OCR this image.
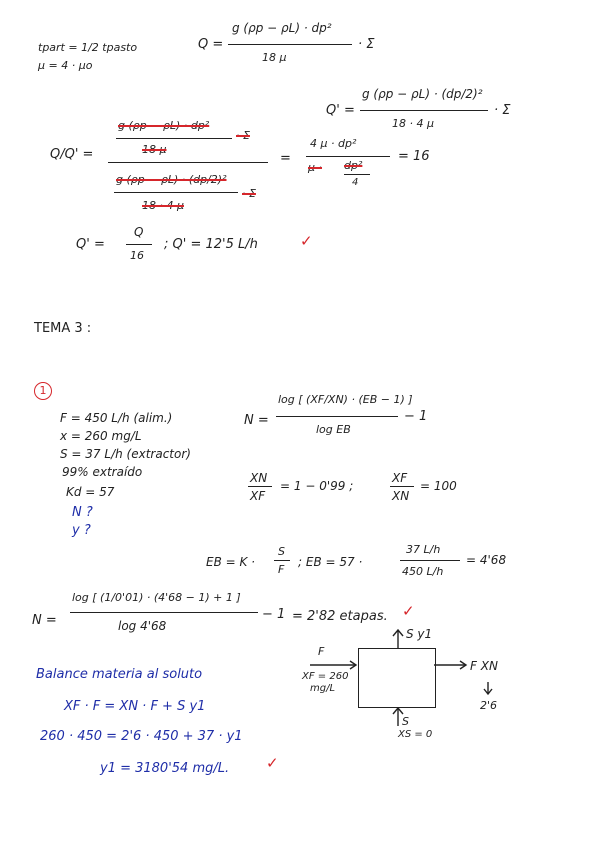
tpart = 1/2 tpasto
μ = 4 · μo
Q =
g (ρp − ρL) · dp²
18 μ
· Σ
Q' =
g (ρp − ρL) · (dp/2)²
18 · 4 μ
· Σ
Q/Q' =
g (ρp − ρL) · dp²
18 μ
· Σ
g (ρp − ρL) · (dp/2)²
18 · 4 μ
· Σ
=
4 μ · dp²
μ · dp²
4
= 16
Q' =
Q
16
; Q' = 12'5 L/h	✓
TEMA 3 :
1
F = 450 L/h (alim.)
x = 260 mg/L
S = 37 L/h (extractor)
99% extraído
Kd = 57
N ?
y ?
N =
log [ (XF/XN) · (EB − 1) ]
log EB
− 1
XN
XF
= 1 − 0'99 ;
XF
XN
= 100
EB = K ·
S
F
; EB = 57 ·
37 L/h
450 L/h
= 4'68
N =
log [ (1/0'01) · (4'68 − 1) + 1 ]
log 4'68
− 1 = 2'82 etapas. ✓
Balance materia al soluto
XF · F = XN · F + S y1
260 · 450 = 2'6 · 450 + 37 · y1
y1 = 3180'54 mg/L. ✓
S y1
F
XF = 260
mg/L
F XN
2'6
S
XS = 0
